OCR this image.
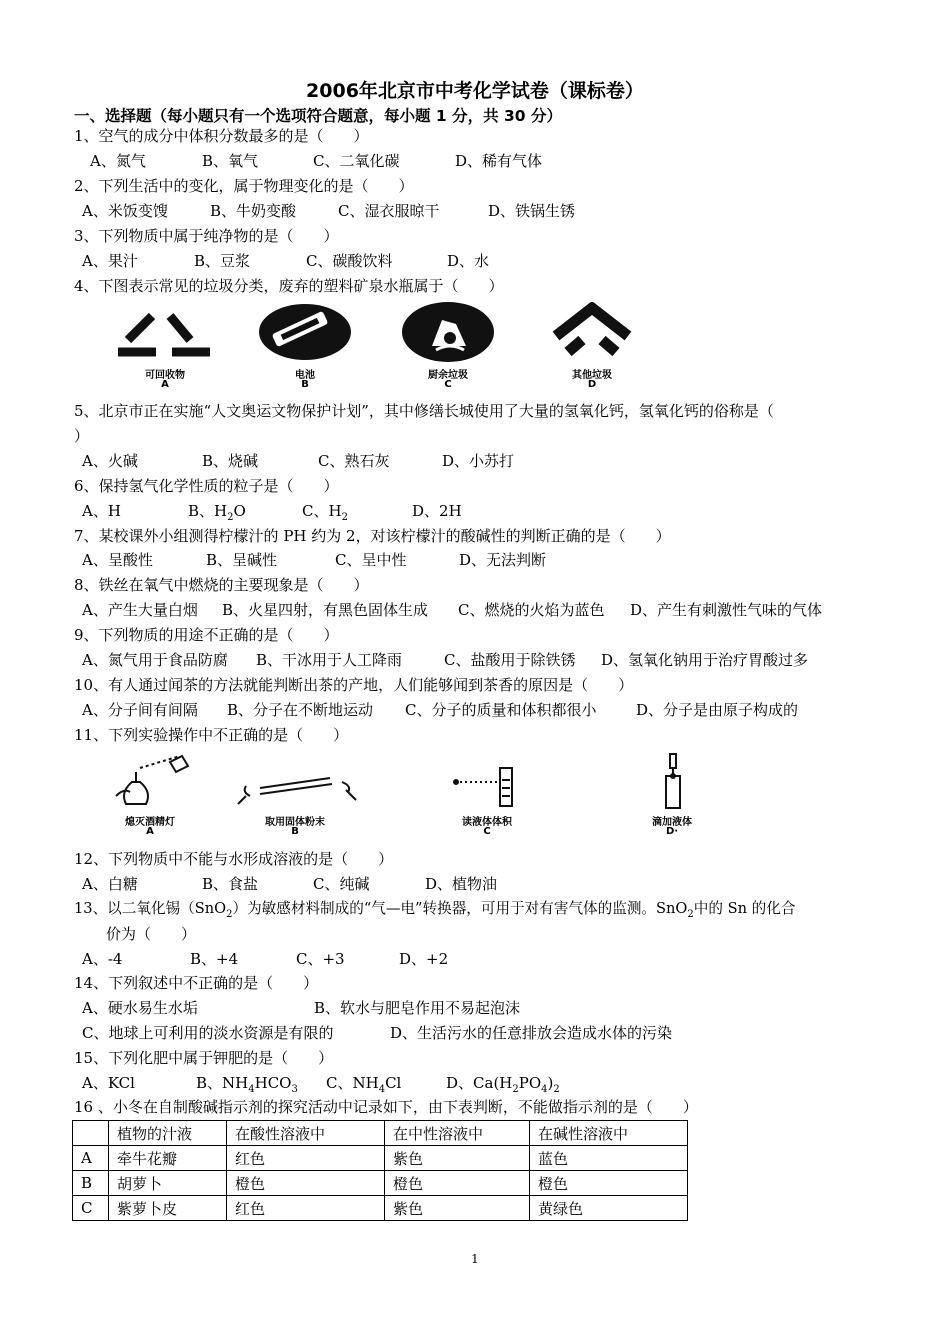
2006年北京市中考化学试卷（课标卷）
一、选择题（每小题只有一个选项符合题意，每小题 1 分，共 30 分）
1、空气的成分中体积分数最多的是（　　）
A、氮气	B、氧气	C、二氧化碳	D、稀有气体
2、下列生活中的变化，属于物理变化的是（　　）
A、米饭变馊	B、牛奶变酸	C、湿衣服晾干	D、铁锅生锈
3、下列物质中属于纯净物的是（　　）
A、果汁	B、豆浆	C、碳酸饮料	D、水
4、下图表示常见的垃圾分类，废弃的塑料矿泉水瓶属于（　　）
可回收物
A
电池
B
厨余垃圾
C
其他垃圾
D
5、北京市正在实施“人文奥运文物保护计划”，其中修缮长城使用了大量的氢氧化钙，氢氧化钙的俗称是（
）
A、火碱	B、烧碱	C、熟石灰	D、小苏打
6、保持氢气化学性质的粒子是（　　）
A、H	B、$H_2O$	C、$H_2$	D、2H
7、某校课外小组测得柠檬汁的 PH 约为 2，对该柠檬汁的酸碱性的判断正确的是（　　）
A、呈酸性	B、呈碱性	C、呈中性	D、无法判断
8、铁丝在氧气中燃烧的主要现象是（　　）
A、产生大量白烟 B、火星四射，有黑色固体生成 C、燃烧的火焰为蓝色 D、产生有刺激性气味的气体
9、下列物质的用途不正确的是（　　）
A、氮气用于食品防腐 B、干冰用于人工降雨	C、盐酸用于除铁锈 D、氢氧化钠用于治疗胃酸过多
10、有人通过闻茶的方法就能判断出茶的产地，人们能够闻到茶香的原因是（　　）
A、分子间有间隔 B、分子在不断地运动 C、分子的质量和体积都很小	D、分子是由原子构成的
11、下列实验操作中不正确的是（　　）
熄灭酒精灯
A
取用固体粉末
B
读液体体积
C
滴加液体
D·
12、下列物质中不能与水形成溶液的是（　　）
A、白糖	B、食盐	C、纯碱	D、植物油
13、以二氧化锡（SnO$_2$）为敏感材料制成的“气—电”转换器，可用于对有害气体的监测。SnO$_2$中的 Sn 的化合
价为（　　）
A、-4	B、+4	C、+3	D、+2
14、下列叙述中不正确的是（　　）
A、硬水易生水垢	B、软水与肥皂作用不易起泡沫
C、地球上可利用的淡水资源是有限的	D、生活污水的任意排放会造成水体的污染
15、下列化肥中属于钾肥的是（　　）
A、KCl	B、$NH_4HCO_3$ C、$NH_4Cl$	D、$Ca(H_2PO_4)_2$
16 、小冬在自制酸碱指示剂的探究活动中记录如下，由下表判断，不能做指示剂的是（　　）
	植物的汁液	在酸性溶液中	在中性溶液中	在碱性溶液中
A	牵牛花瓣	红色	紫色	蓝色
B	胡萝卜	橙色	橙色	橙色
C	紫萝卜皮	红色	紫色	黄绿色
1
